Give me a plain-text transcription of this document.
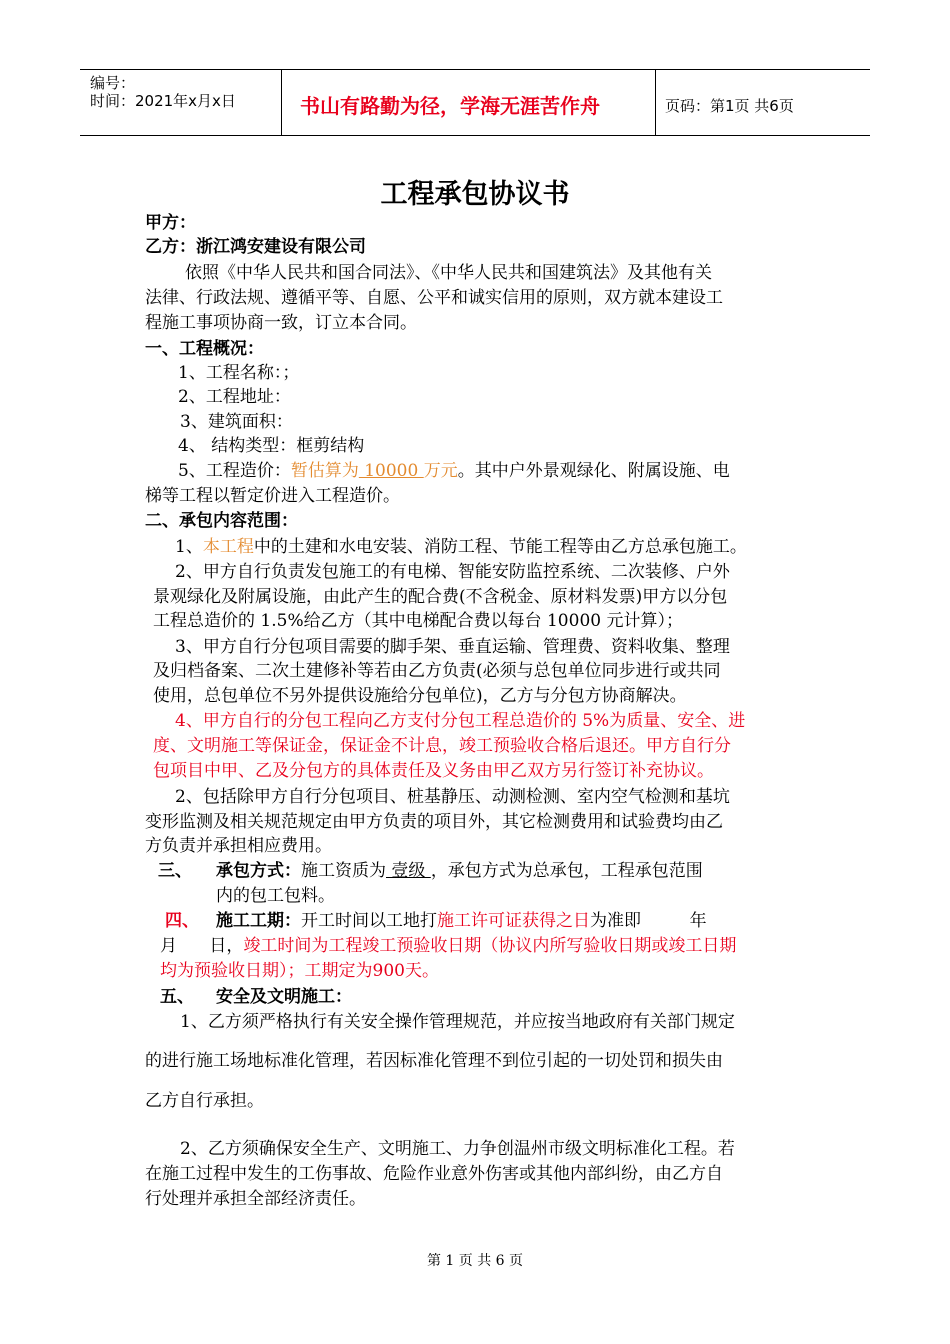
编号：
时间：2021年x月x日	书山有路勤为径，学海无涯苦作舟	页码：第1页 共6页
工程承包协议书
甲方：
乙方：浙江鸿安建设有限公司
依照《中华人民共和国合同法》、《中华人民共和国建筑法》及其他有关
法律、行政法规、遵循平等、自愿、公平和诚实信用的原则，双方就本建设工
程施工事项协商一致，订立本合同。
一、工程概况：
1、工程名称：；
2、工程地址：
3、建筑面积：
4、 结构类型：框剪结构
5、工程造价：暂估算为 10000 万元。其中户外景观绿化、附属设施、电
梯等工程以暂定价进入工程造价。
二、承包内容范围：
1、本工程中的土建和水电安装、消防工程、节能工程等由乙方总承包施工。
2、甲方自行负责发包施工的有电梯、智能安防监控系统、二次装修、户外
景观绿化及附属设施，由此产生的配合费(不含税金、原材料发票)甲方以分包
工程总造价的 1.5%给乙方（其中电梯配合费以每台 10000 元计算）；
3、甲方自行分包项目需要的脚手架、垂直运输、管理费、资料收集、整理
及归档备案、二次土建修补等若由乙方负责(必须与总包单位同步进行或共同
使用，总包单位不另外提供设施给分包单位)，乙方与分包方协商解决。
4、甲方自行的分包工程向乙方支付分包工程总造价的 5%为质量、安全、进
度、文明施工等保证金，保证金不计息，竣工预验收合格后退还。甲方自行分
包项目中甲、乙及分包方的具体责任及义务由甲乙双方另行签订补充协议。
2、包括除甲方自行分包项目、桩基静压、动测检测、室内空气检测和基坑
变形监测及相关规范规定由甲方负责的项目外，其它检测费用和试验费均由乙
方负责并承担相应费用。
三、 承包方式：施工资质为 壹级 ，承包方式为总承包，工程承包范围
内的包工包料。
四、 施工工期：开工时间以工地打施工许可证获得之日为准即         年
月      日，竣工时间为工程竣工预验收日期（协议内所写验收日期或竣工日期
均为预验收日期）；工期定为900天。
五、 安全及文明施工：
1、乙方须严格执行有关安全操作管理规范，并应按当地政府有关部门规定
的进行施工场地标准化管理，若因标准化管理不到位引起的一切处罚和损失由
乙方自行承担。
2、乙方须确保安全生产、文明施工、力争创温州市级文明标准化工程。若
在施工过程中发生的工伤事故、危险作业意外伤害或其他内部纠纷，由乙方自
行处理并承担全部经济责任。
第 1 页 共 6 页
